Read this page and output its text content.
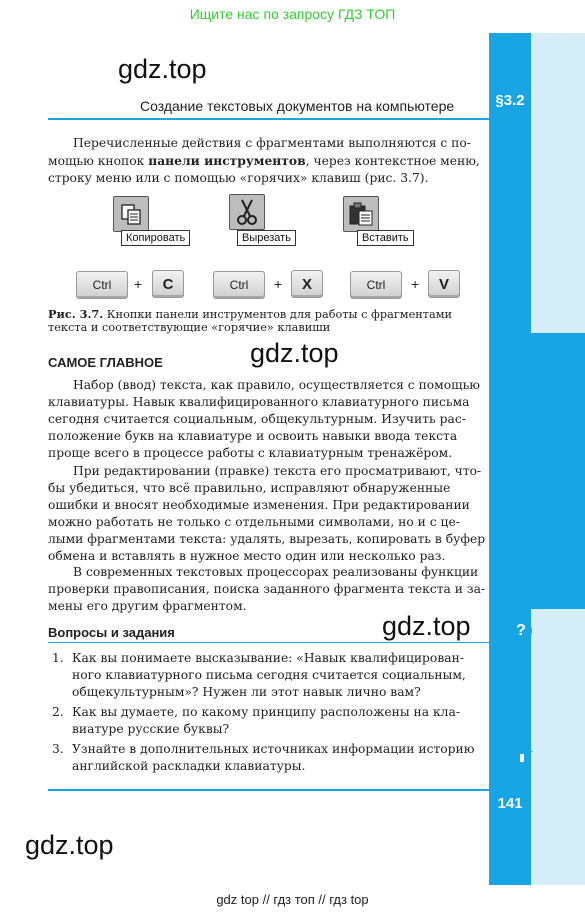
Ищите нас по запросу ГДЗ ТОП
§3.2
gdz.top
gdz.top
gdz.top
gdz.top
Создание текстовых документов на компьютере
Перечисленные действия с фрагментами выполняются с по-
мощью кнопок панели инструментов, через контекстное меню,
строку меню или с помощью «горячих» клавиш (рис. 3.7).
Копировать	Вырезать	Вставить
Ctrl	+	C	Ctrl	+	X	Ctrl	+	V
Рис. 3.7. Кнопки панели инструментов для работы с фрагментами
текста и соответствующие «горячие» клавиши
САМОЕ ГЛАВНОЕ
Набор (ввод) текста, как правило, осуществляется с помощью
клавиатуры. Навык квалифицированного клавиатурного письма
сегодня считается социальным, общекультурным. Изучить рас-
положение букв на клавиатуре и освоить навыки ввода текста
проще всего в процессе работы с клавиатурным тренажёром.
При редактировании (правке) текста его просматривают, что-
бы убедиться, что всё правильно, исправляют обнаруженные
ошибки и вносят необходимые изменения. При редактировании
можно работать не только с отдельными символами, но и с це-
лыми фрагментами текста: удалять, вырезать, копировать в буфер
обмена и вставлять в нужное место один или несколько раз.
В современных текстовых процессорах реализованы функции
проверки правописания, поиска заданного фрагмента текста и за-
мены его другим фрагментом.
Вопросы и задания
1. Как вы понимаете высказывание: «Навык квалифицирован-
ного клавиатурного письма сегодня считается социальным,
общекультурным»? Нужен ли этот навык лично вам?
2. Как вы думаете, по какому принципу расположены на кла-
виатуре русские буквы?
3. Узнайте в дополнительных источниках информации историю
английской раскладки клавиатуры.
141
?
gdz top // гдз топ // гдз top
